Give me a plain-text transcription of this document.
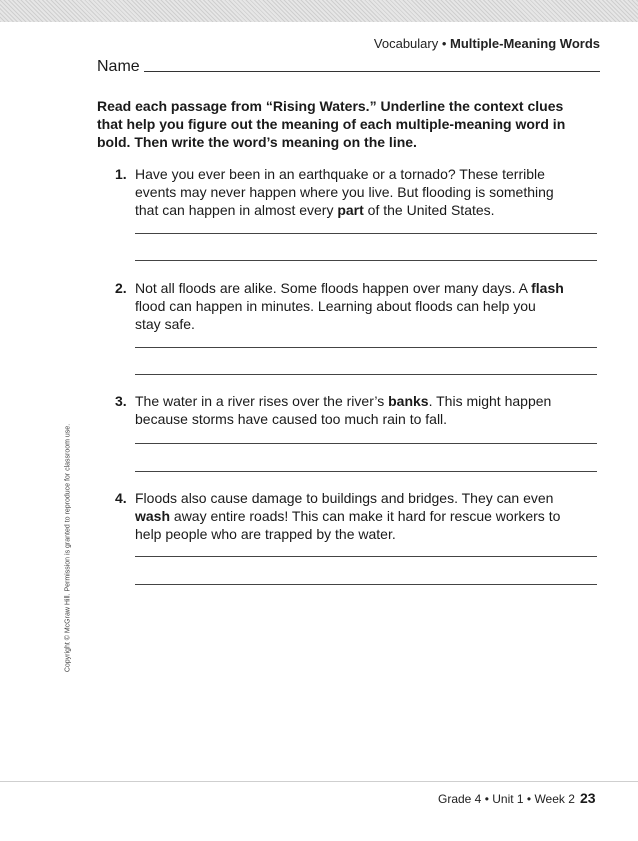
Vocabulary • Multiple-Meaning Words
Name
Read each passage from “Rising Waters.” Underline the context clues that help you figure out the meaning of each multiple-meaning word in bold. Then write the word’s meaning on the line.
1. Have you ever been in an earthquake or a tornado? These terrible events may never happen where you live. But flooding is something that can happen in almost every part of the United States.
2. Not all floods are alike. Some floods happen over many days. A flash flood can happen in minutes. Learning about floods can help you stay safe.
3. The water in a river rises over the river’s banks. This might happen because storms have caused too much rain to fall.
4. Floods also cause damage to buildings and bridges. They can even wash away entire roads! This can make it hard for rescue workers to help people who are trapped by the water.
Copyright © McGraw Hill. Permission is granted to reproduce for classroom use.
Grade 4 • Unit 1 • Week 2 23
